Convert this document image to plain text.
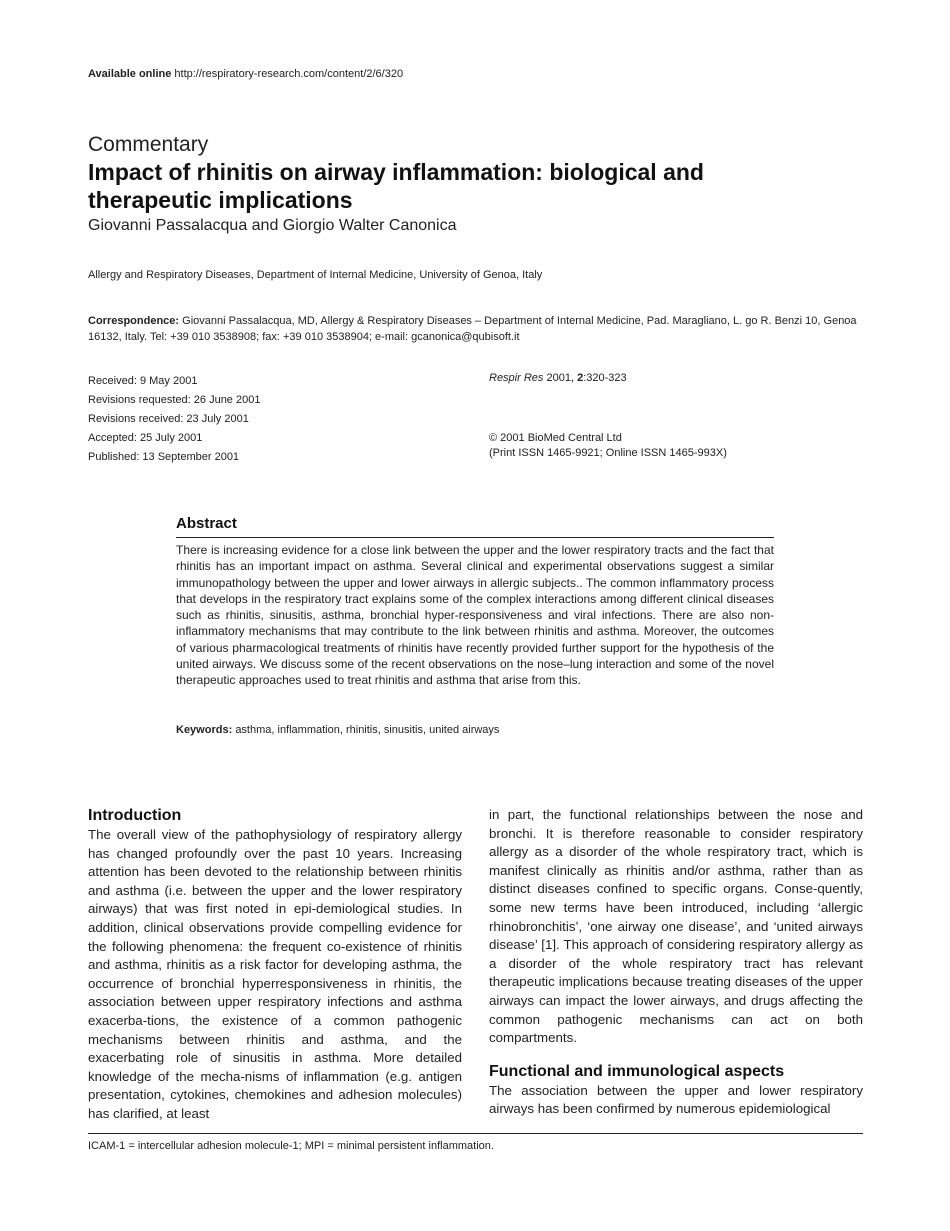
Available online http://respiratory-research.com/content/2/6/320
Commentary
Impact of rhinitis on airway inflammation: biological and therapeutic implications
Giovanni Passalacqua and Giorgio Walter Canonica
Allergy and Respiratory Diseases, Department of Internal Medicine, University of Genoa, Italy
Correspondence: Giovanni Passalacqua, MD, Allergy & Respiratory Diseases – Department of Internal Medicine, Pad. Maragliano, L. go R. Benzi 10, Genoa 16132, Italy. Tel: +39 010 3538908; fax: +39 010 3538904; e-mail: gcanonica@qubisoft.it
Received: 9 May 2001
Revisions requested: 26 June 2001
Revisions received: 23 July 2001
Accepted: 25 July 2001
Published: 13 September 2001
Respir Res 2001, 2:320-323
© 2001 BioMed Central Ltd
(Print ISSN 1465-9921; Online ISSN 1465-993X)
Abstract
There is increasing evidence for a close link between the upper and the lower respiratory tracts and the fact that rhinitis has an important impact on asthma. Several clinical and experimental observations suggest a similar immunopathology between the upper and lower airways in allergic subjects.. The common inflammatory process that develops in the respiratory tract explains some of the complex interactions among different clinical diseases such as rhinitis, sinusitis, asthma, bronchial hyper-responsiveness and viral infections. There are also non-inflammatory mechanisms that may contribute to the link between rhinitis and asthma. Moreover, the outcomes of various pharmacological treatments of rhinitis have recently provided further support for the hypothesis of the united airways. We discuss some of the recent observations on the nose–lung interaction and some of the novel therapeutic approaches used to treat rhinitis and asthma that arise from this.
Keywords: asthma, inflammation, rhinitis, sinusitis, united airways
Introduction

The overall view of the pathophysiology of respiratory allergy has changed profoundly over the past 10 years. Increasing attention has been devoted to the relationship between rhinitis and asthma (i.e. between the upper and the lower respiratory airways) that was first noted in epi-demiological studies. In addition, clinical observations provide compelling evidence for the following phenomena: the frequent co-existence of rhinitis and asthma, rhinitis as a risk factor for developing asthma, the occurrence of bronchial hyperresponsiveness in rhinitis, the association between upper respiratory infections and asthma exacerba-tions, the existence of a common pathogenic mechanisms between rhinitis and asthma, and the exacerbating role of sinusitis in asthma. More detailed knowledge of the mecha-nisms of inflammation (e.g. antigen presentation, cytokines, chemokines and adhesion molecules) has clarified, at least

in part, the functional relationships between the nose and bronchi. It is therefore reasonable to consider respiratory allergy as a disorder of the whole respiratory tract, which is manifest clinically as rhinitis and/or asthma, rather than as distinct diseases confined to specific organs. Conse-quently, some new terms have been introduced, including ‘allergic rhinobronchitis’, ‘one airway one disease’, and ‘united airways disease’ [1]. This approach of considering respiratory allergy as a disorder of the whole respiratory tract has relevant therapeutic implications because treating diseases of the upper airways can impact the lower airways, and drugs affecting the common pathogenic mechanisms can act on both compartments.

Functional and immunological aspects

The association between the upper and lower respiratory airways has been confirmed by numerous epidemiological

ICAM-1 = intercellular adhesion molecule-1; MPI = minimal persistent inflammation.
